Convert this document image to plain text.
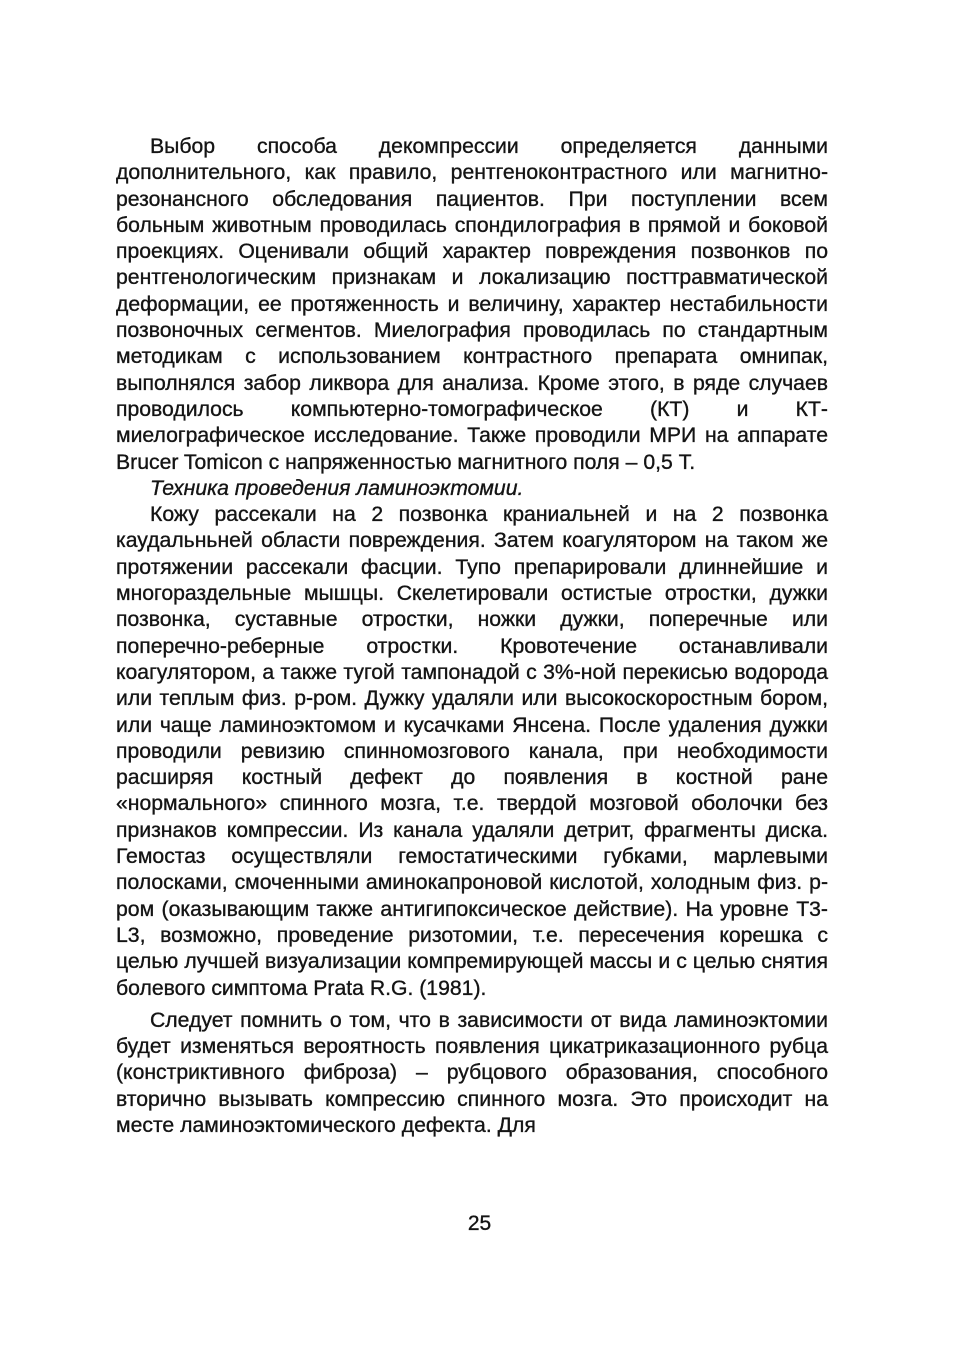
Выбор способа декомпрессии определяется данными дополнительного, как правило, рентгеноконтрастного или магнитно-резонансного обследования пациентов. При поступлении всем больным животным проводилась спондилография в прямой и боковой проекциях. Оценивали общий характер повреждения позвонков по рентгенологическим признакам и локализацию посттравматической деформации, ее протяженность и величину, характер нестабильности позвоночных сегментов. Миелография проводилась по стандартным методикам с использованием контрастного препарата омнипак, выполнялся забор ликвора для анализа. Кроме этого, в ряде случаев проводилось компьютерно-томографическое (КТ) и КТ-миелографическое исследование. Также проводили МРИ на аппарате Brucer Tomicon с напряженностью магнитного поля – 0,5 Т.

Техника проведения ламиноэктомии.

Кожу рассекали на 2 позвонка краниальней и на 2 позвонка каудальньней области повреждения. Затем коагулятором на таком же протяжении рассекали фасции. Тупо препарировали длиннейшие и многораздельные мышцы. Скелетировали остистые отростки, дужки позвонка, суставные отростки, ножки дужки, поперечные или поперечно-реберные отростки. Кровотечение останавливали коагулятором, а также тугой тампонадой с 3%-ной перекисью водорода или теплым физ. р-ром. Дужку удаляли или высокоскоростным бором, или чаще ламиноэктомом и кусачками Янсена. После удаления дужки проводили ревизию спинномозгового канала, при необходимости расширяя костный дефект до появления в костной ране «нормального» спинного мозга, т.е. твердой мозговой оболочки без признаков компрессии. Из канала удаляли детрит, фрагменты диска. Гемостаз осуществляли гемостатическими губками, марлевыми полосками, смоченными аминокапроновой кислотой, холодным физ. р-ром (оказывающим также антигипоксическое действие). На уровне Т3-L3, возможно, проведение ризотомии, т.е. пересечения корешка с целью лучшей визуализации компремирующей массы и с целью снятия болевого симптома Prata R.G. (1981).

Следует помнить о том, что в зависимости от вида ламиноэктомии будет изменяться вероятность появления цикатриказационного рубца (констриктивного фиброза) – рубцового образования, способного вторично вызывать компрессию спинного мозга. Это происходит на месте ламиноэктомического дефекта. Для

25
